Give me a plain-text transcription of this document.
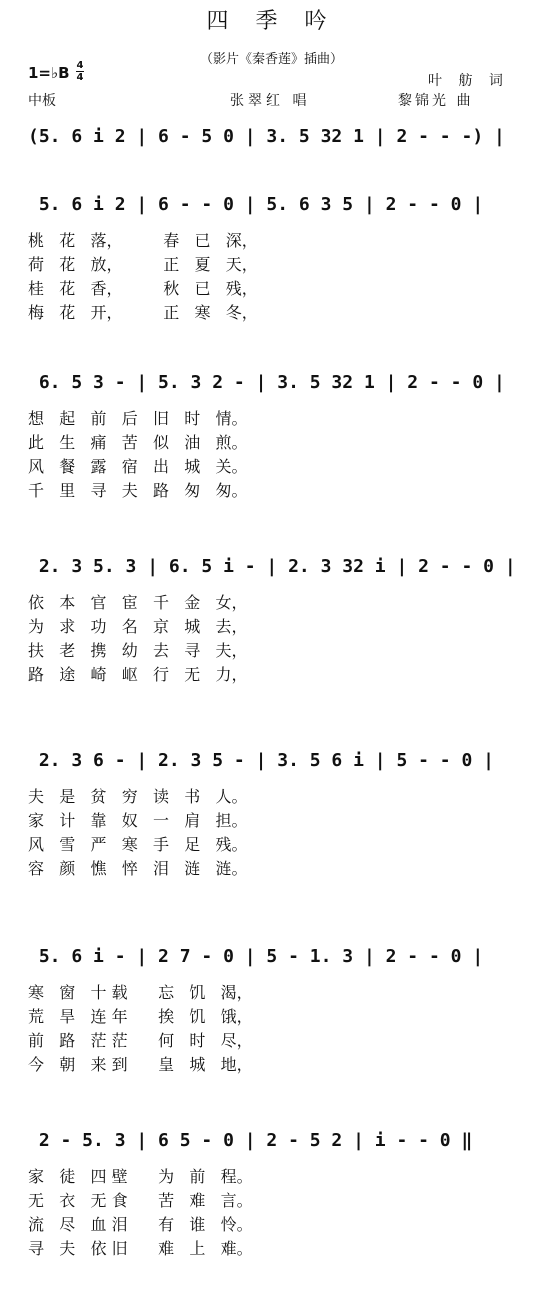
四 季 吟
（影片《秦香莲》插曲）
1=♭B 4
4
中板	张翠红 唱
叶 舫 词
黎锦光 曲
(5. 6 i 2 | 6 - 5 0 | 3. 5 32 1 | 2 - - -) |
5. 6 i 2 | 6 - - 0 | 5. 6 3 5 | 2 - - 0 |
桃   花   落，        春   已   深，
荷   花   放，        正   夏   天，
桂   花   香，        秋   已   残，
梅   花   开，        正   寒   冬，
6. 5 3 - | 5. 3 2 - | 3. 5 32 1 | 2 - - 0 |
想   起   前   后   旧   时   情。
此   生   痛   苦   似   油   煎。
风   餐   露   宿   出   城   关。
千   里   寻   夫   路   匆   匆。
2. 3 5. 3 | 6. 5 i - | 2. 3 32 i | 2 - - 0 |
依   本   官   宦   千   金   女，
为   求   功   名   京   城   去，
扶   老   携   幼   去   寻   夫，
路   途   崎   岖   行   无   力，
2. 3 6 - | 2. 3 5 - | 3. 5 6 i | 5 - - 0 |
夫   是   贫   穷   读   书   人。
家   计   靠   奴   一   肩   担。
风   雪   严   寒   手   足   残。
容   颜   憔   悴   泪   涟   涟。
5. 6 i - | 2 7 - 0 | 5 - 1. 3 | 2 - - 0 |
寒   窗   十 载      忘   饥   渴，
荒   旱   连 年      挨   饥   饿，
前   路   茫 茫      何   时   尽，
今   朝   来 到      皇   城   地，
2 - 5. 3 | 6 5 - 0 | 2 - 5 2 | i - - 0 ‖
家   徒   四 壁      为   前   程。
无   衣   无 食      苦   难   言。
流   尽   血 泪      有   谁   怜。
寻   夫   依 旧      难   上   难。
